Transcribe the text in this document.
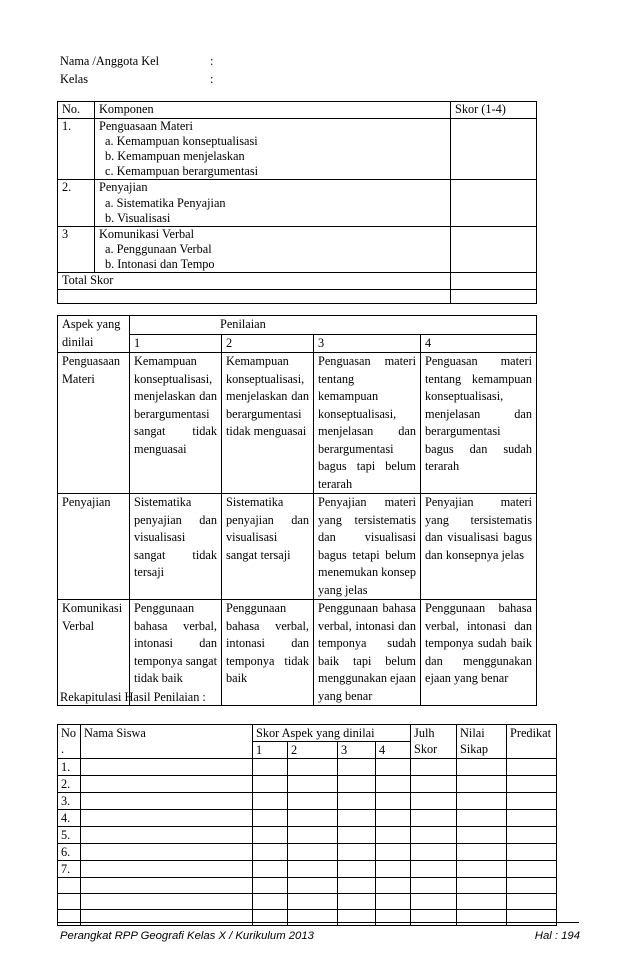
Nama /Anggota Kel	:
Kelas	:
No.	Komponen	Skor (1-4)
1.	Penguasaan Materi
a. Kemampuan konseptualisasi
b. Kemampuan menjelaskan
c. Kemampuan berargumentasi	

2.	Penyajian
a. Sistematika Penyajian
b. Visualisasi	

3	Komunikasi Verbal
a. Penggunaan Verbal
b. Intonasi dan Tempo	

Total Skor		

Aspek yang dinilai	Penilaian			
	1	2	3	4
Penguasaan Materi	Kemampuan konseptualisasi, menjelaskan dan berargumentasi sangat tidak menguasai	Kemampuan konseptualisasi, menjelaskan dan berargumentasi tidak menguasai	Penguasan materi tentang kemampuan konseptualisasi, menjelasan dan berargumentasi bagus tapi belum terarah	Penguasan materi tentang kemampuan konseptualisasi, menjelasan dan berargumentasi bagus dan sudah terarah
Penyajian	Sistematika penyajian dan visualisasi sangat tidak tersaji	Sistematika penyajian dan visualisasi sangat tersaji	Penyajian materi yang tersistematis dan visualisasi bagus tetapi belum menemukan konsep yang jelas	Penyajian materi yang tersistematis dan visualisasi bagus dan konsepnya jelas
Komunikasi Verbal	Penggunaan bahasa verbal, intonasi dan temponya sangat tidak baik	Penggunaan bahasa verbal, intonasi dan temponya tidak baik	Penggunaan bahasa verbal, intonasi dan temponya sudah baik tapi belum menggunakan ejaan yang benar	Penggunaan bahasa verbal, intonasi dan temponya sudah baik dan menggunakan ejaan yang benar
Rekapitulasi Hasil Penilaian :
No .	Nama Siswa	Skor Aspek yang dinilai				Julh Skor	Nilai Sikap	Predikat
		1	2	3	4			
1.								
2.								
3.								
4.								
5.								
6.								
7.								

Perangkat RPP Geografi Kelas X / Kurikulum 2013	Hal : 194
